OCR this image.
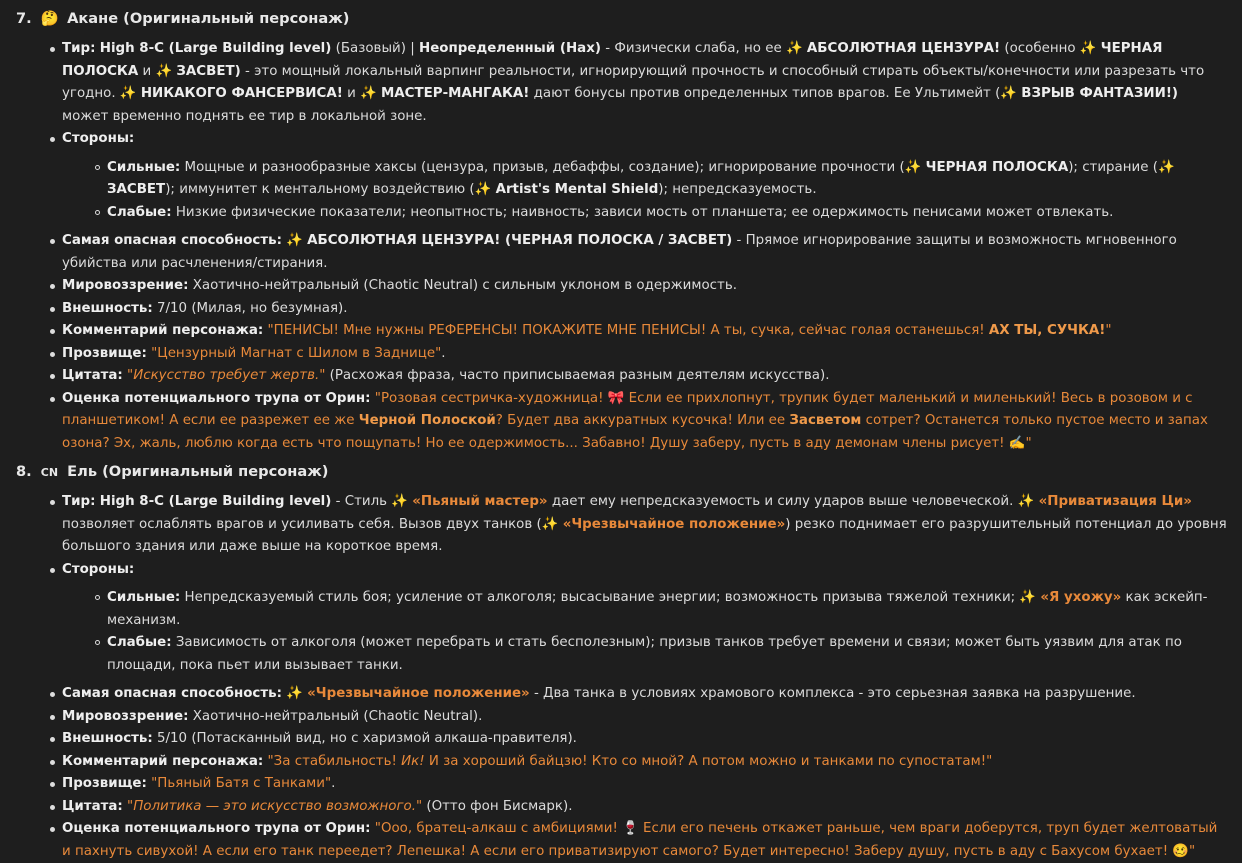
7. 🤔 Акане (Оригинальный персонаж)
Тир: High 8-C (Large Building level) (Базовый) | Неопределенный (Hax) - Физически слаба, но ее ✨ АБСОЛЮТНАЯ ЦЕНЗУРА! (особенно ✨ ЧЕРНАЯ ПОЛОСКА и ✨ ЗАСВЕТ) - это мощный локальный варпинг реальности, игнорирующий прочность и способный стирать объекты/конечности или разрезать что угодно. ✨ НИКАКОГО ФАНСЕРВИСА! и ✨ МАСТЕР-МАНГАКА! дают бонусы против определенных типов врагов. Ее Ультимейт (✨ ВЗРЫВ ФАНТАЗИИ!) может временно поднять ее тир в локальной зоне.
Стороны:
Сильные: Мощные и разнообразные хаксы (цензура, призыв, дебаффы, создание); игнорирование прочности (✨ ЧЕРНАЯ ПОЛОСКА); стирание (✨ ЗАСВЕТ); иммунитет к ментальному воздействию (✨ Artist's Mental Shield); непредсказуемость.
Слабые: Низкие физические показатели; неопытность; наивность; зависи мость от планшета; ее одержимость пенисами может отвлекать.
Самая опасная способность: ✨ АБСОЛЮТНАЯ ЦЕНЗУРА! (ЧЕРНАЯ ПОЛОСКА / ЗАСВЕТ) - Прямое игнорирование защиты и возможность мгновенного убийства или расчленения/стирания.
Мировоззрение: Хаотично-нейтральный (Chaotic Neutral) с сильным уклоном в одержимость.
Внешность: 7/10 (Милая, но безумная).
Комментарий персонажа: "ПЕНИСЫ! Мне нужны РЕФЕРЕНСЫ! ПОКАЖИТЕ МНЕ ПЕНИСЫ! А ты, сучка, сейчас голая останешься! АХ ТЫ, СУЧКА!"
Прозвище: "Цензурный Магнат с Шилом в Заднице".
Цитата: "Искусство требует жертв." (Расхожая фраза, часто приписываемая разным деятелям искусства).
Оценка потенциального трупа от Орин: "Розовая сестричка-художница! 🎀 Если ее прихлопнут, трупик будет маленький и миленький! Весь в розовом и с планшетиком! А если ее разрежет ее же Черной Полоской? Будет два аккуратных кусочка! Или ее Засветом сотрет? Останется только пустое место и запах озона? Эх, жаль, люблю когда есть что пощупать! Но ее одержимость... Забавно! Душу заберу, пусть в аду демонам члены рисует! ✍️"
8. CN Ель (Оригинальный персонаж)
Тир: High 8-C (Large Building level) - Стиль ✨ «Пьяный мастер» дает ему непредсказуемость и силу ударов выше человеческой. ✨ «Приватизация Ци» позволяет ослаблять врагов и усиливать себя. Вызов двух танков (✨ «Чрезвычайное положение») резко поднимает его разрушительный потенциал до уровня большого здания или даже выше на короткое время.
Стороны:
Сильные: Непредсказуемый стиль боя; усиление от алкоголя; высасывание энергии; возможность призыва тяжелой техники; ✨ «Я ухожу» как эскейп-механизм.
Слабые: Зависимость от алкоголя (может перебрать и стать бесполезным); призыв танков требует времени и связи; может быть уязвим для атак по площади, пока пьет или вызывает танки.
Самая опасная способность: ✨ «Чрезвычайное положение» - Два танка в условиях храмового комплекса - это серьезная заявка на разрушение.
Мировоззрение: Хаотично-нейтральный (Chaotic Neutral).
Внешность: 5/10 (Потасканный вид, но с харизмой алкаша-правителя).
Комментарий персонажа: "За стабильность! Ик! И за хороший байцзю! Кто со мной? А потом можно и танками по супостатам!"
Прозвище: "Пьяный Батя с Танками".
Цитата: "Политика — это искусство возможного." (Отто фон Бисмарк).
Оценка потенциального трупа от Орин: "Ооо, братец-алкаш с амбициями! 🍷 Если его печень откажет раньше, чем враги доберутся, труп будет желтоватый и пахнуть сивухой! А если его танк переедет? Лепешка! А если его приватизируют самого? Будет интересно! Заберу душу, пусть в аду с Бахусом бухает! 🥴"
